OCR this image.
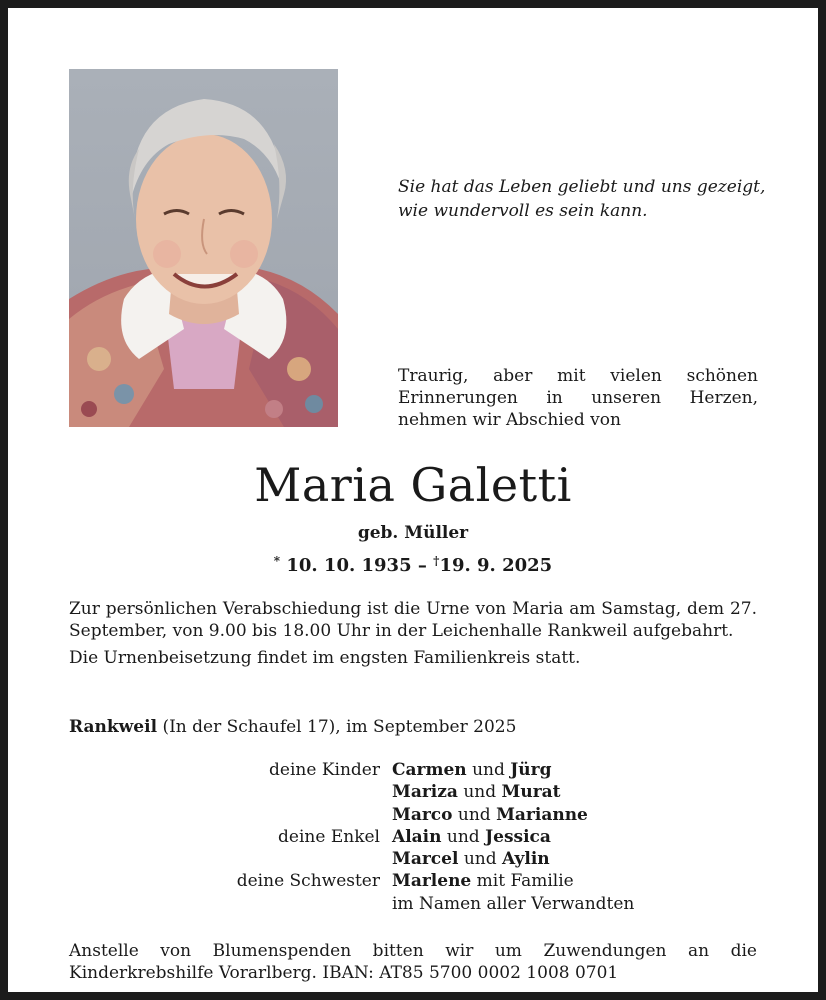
Sie hat das Leben geliebt und uns gezeigt,
wie wundervoll es sein kann.
Traurig, aber mit vielen schönen Erinnerungen in unseren Herzen, nehmen wir Abschied von
Maria Galetti
geb. Müller
* 10. 10. 1935 – †19. 9. 2025
Zur persönlichen Verabschiedung ist die Urne von Maria am Samstag, dem 27. September, von 9.00 bis 18.00 Uhr in der Leichenhalle Rankweil aufgebahrt.
Die Urnenbeisetzung findet im engsten Familienkreis statt.
Rankweil (In der Schaufel 17), im September 2025
deine Kinder Carmen und Jürg
Mariza und Murat
Marco und Marianne
deine Enkel Alain und Jessica
Marcel und Aylin
deine Schwester Marlene mit Familie
im Namen aller Verwandten
Anstelle von Blumenspenden bitten wir um Zuwendungen an die Kinderkrebshilfe Vorarlberg. IBAN: AT85 5700 0002 1008 0701
